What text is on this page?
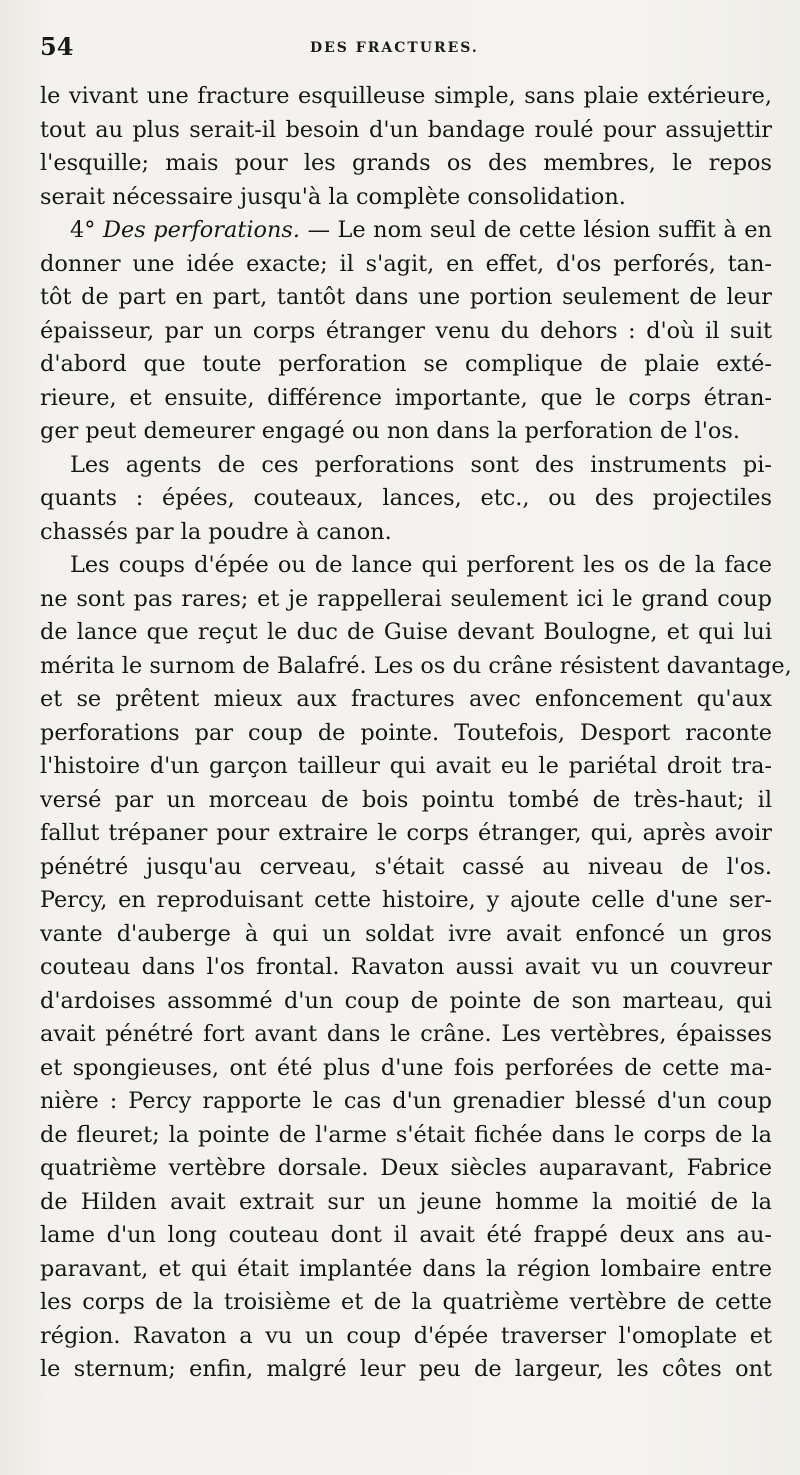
54	DES FRACTURES.
le vivant une fracture esquilleuse simple, sans plaie extérieure,
tout au plus serait-il besoin d'un bandage roulé pour assujettir
l'esquille; mais pour les grands os des membres, le repos
serait nécessaire jusqu'à la complète consolidation.
4° Des perforations. — Le nom seul de cette lésion suffit à en
donner une idée exacte; il s'agit, en effet, d'os perforés, tan-
tôt de part en part, tantôt dans une portion seulement de leur
épaisseur, par un corps étranger venu du dehors : d'où il suit
d'abord que toute perforation se complique de plaie exté-
rieure, et ensuite, différence importante, que le corps étran-
ger peut demeurer engagé ou non dans la perforation de l'os.
Les agents de ces perforations sont des instruments pi-
quants : épées, couteaux, lances, etc., ou des projectiles
chassés par la poudre à canon.
Les coups d'épée ou de lance qui perforent les os de la face
ne sont pas rares; et je rappellerai seulement ici le grand coup
de lance que reçut le duc de Guise devant Boulogne, et qui lui
mérita le surnom de Balafré. Les os du crâne résistent davantage,
et se prêtent mieux aux fractures avec enfoncement qu'aux
perforations par coup de pointe. Toutefois, Desport raconte
l'histoire d'un garçon tailleur qui avait eu le pariétal droit tra-
versé par un morceau de bois pointu tombé de très-haut; il
fallut trépaner pour extraire le corps étranger, qui, après avoir
pénétré jusqu'au cerveau, s'était cassé au niveau de l'os.
Percy, en reproduisant cette histoire, y ajoute celle d'une ser-
vante d'auberge à qui un soldat ivre avait enfoncé un gros
couteau dans l'os frontal. Ravaton aussi avait vu un couvreur
d'ardoises assommé d'un coup de pointe de son marteau, qui
avait pénétré fort avant dans le crâne. Les vertèbres, épaisses
et spongieuses, ont été plus d'une fois perforées de cette ma-
nière : Percy rapporte le cas d'un grenadier blessé d'un coup
de fleuret; la pointe de l'arme s'était fichée dans le corps de la
quatrième vertèbre dorsale. Deux siècles auparavant, Fabrice
de Hilden avait extrait sur un jeune homme la moitié de la
lame d'un long couteau dont il avait été frappé deux ans au-
paravant, et qui était implantée dans la région lombaire entre
les corps de la troisième et de la quatrième vertèbre de cette
région. Ravaton a vu un coup d'épée traverser l'omoplate et
le sternum; enfin, malgré leur peu de largeur, les côtes ont
